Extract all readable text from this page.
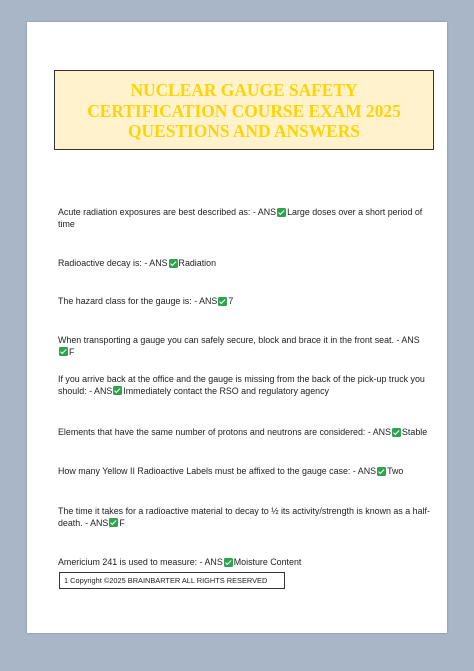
NUCLEAR GAUGE SAFETY
CERTIFICATION COURSE EXAM 2025
QUESTIONS AND ANSWERS
Acute radiation exposures are best described as: - ANS Large doses over a short period of time
Radioactive decay is: - ANS Radiation
The hazard class for the gauge is: - ANS 7
When transporting a gauge you can safely secure, block and brace it in the front seat. - ANSF
If you arrive back at the office and the gauge is missing from the back of the pick-up truck you should: - ANS Immediately contact the RSO and regulatory agency
Elements that have the same number of protons and neutrons are considered: - ANS Stable
How many Yellow II Radioactive Labels must be affixed to the gauge case: - ANS Two
The time it takes for a radioactive material to decay to ½ its activity/strength is known as a half-death. - ANS F
Americium 241 is used to measure: - ANS Moisture Content
1 Copyright ©2025 BRAINBARTER ALL RIGHTS RESERVED
